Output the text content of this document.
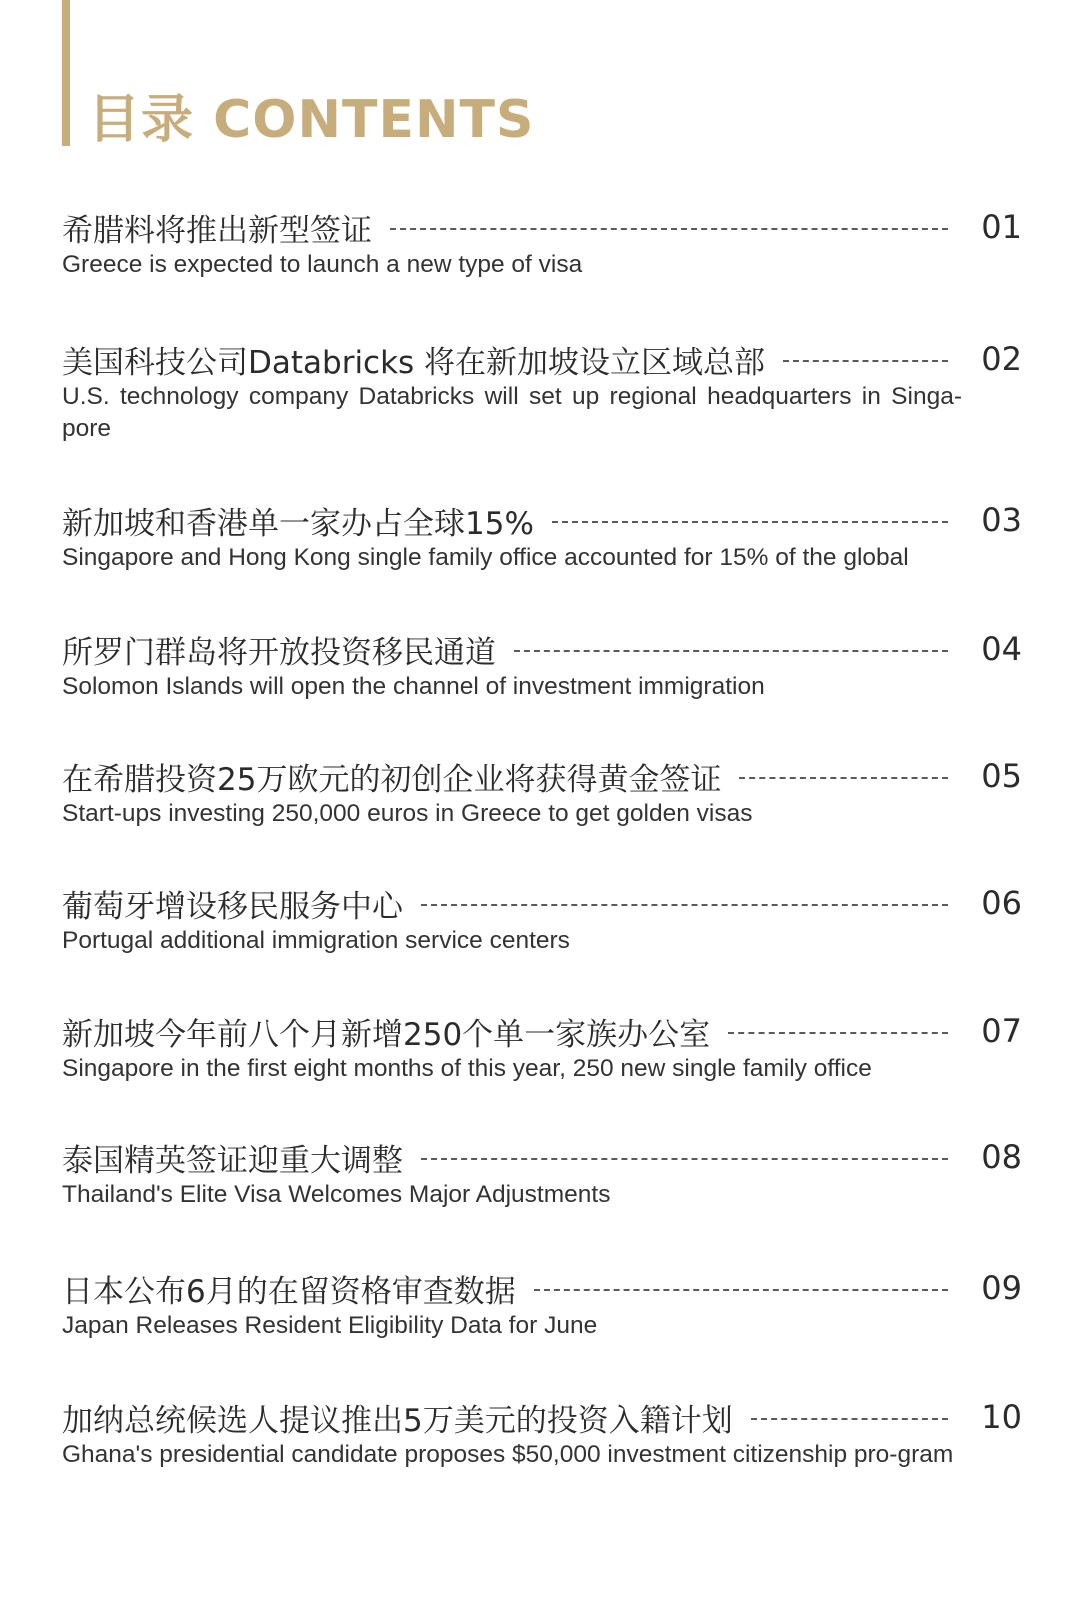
目录 CONTENTS
希腊料将推出新型签证	01
Greece is expected to launch a new type of visa
美国科技公司Databricks 将在新加坡设立区域总部	02
U.S. technology company Databricks will set up regional headquarters in Singa-pore
新加坡和香港单一家办占全球15%	03
Singapore and Hong Kong single family office accounted for 15% of the global
所罗门群岛将开放投资移民通道	04
Solomon Islands will open the channel of investment immigration
在希腊投资25万欧元的初创企业将获得黄金签证	05
Start-ups investing 250,000 euros in Greece to get golden visas
葡萄牙增设移民服务中心	06
Portugal additional immigration service centers
新加坡今年前八个月新增250个单一家族办公室	07
Singapore in the first eight months of this year, 250 new single family office
泰国精英签证迎重大调整	08
Thailand's Elite Visa Welcomes Major Adjustments
日本公布6月的在留资格审查数据	09
Japan Releases Resident Eligibility Data for June
加纳总统候选人提议推出5万美元的投资入籍计划	10
Ghana's presidential candidate proposes $50,000 investment citizenship pro-gram
